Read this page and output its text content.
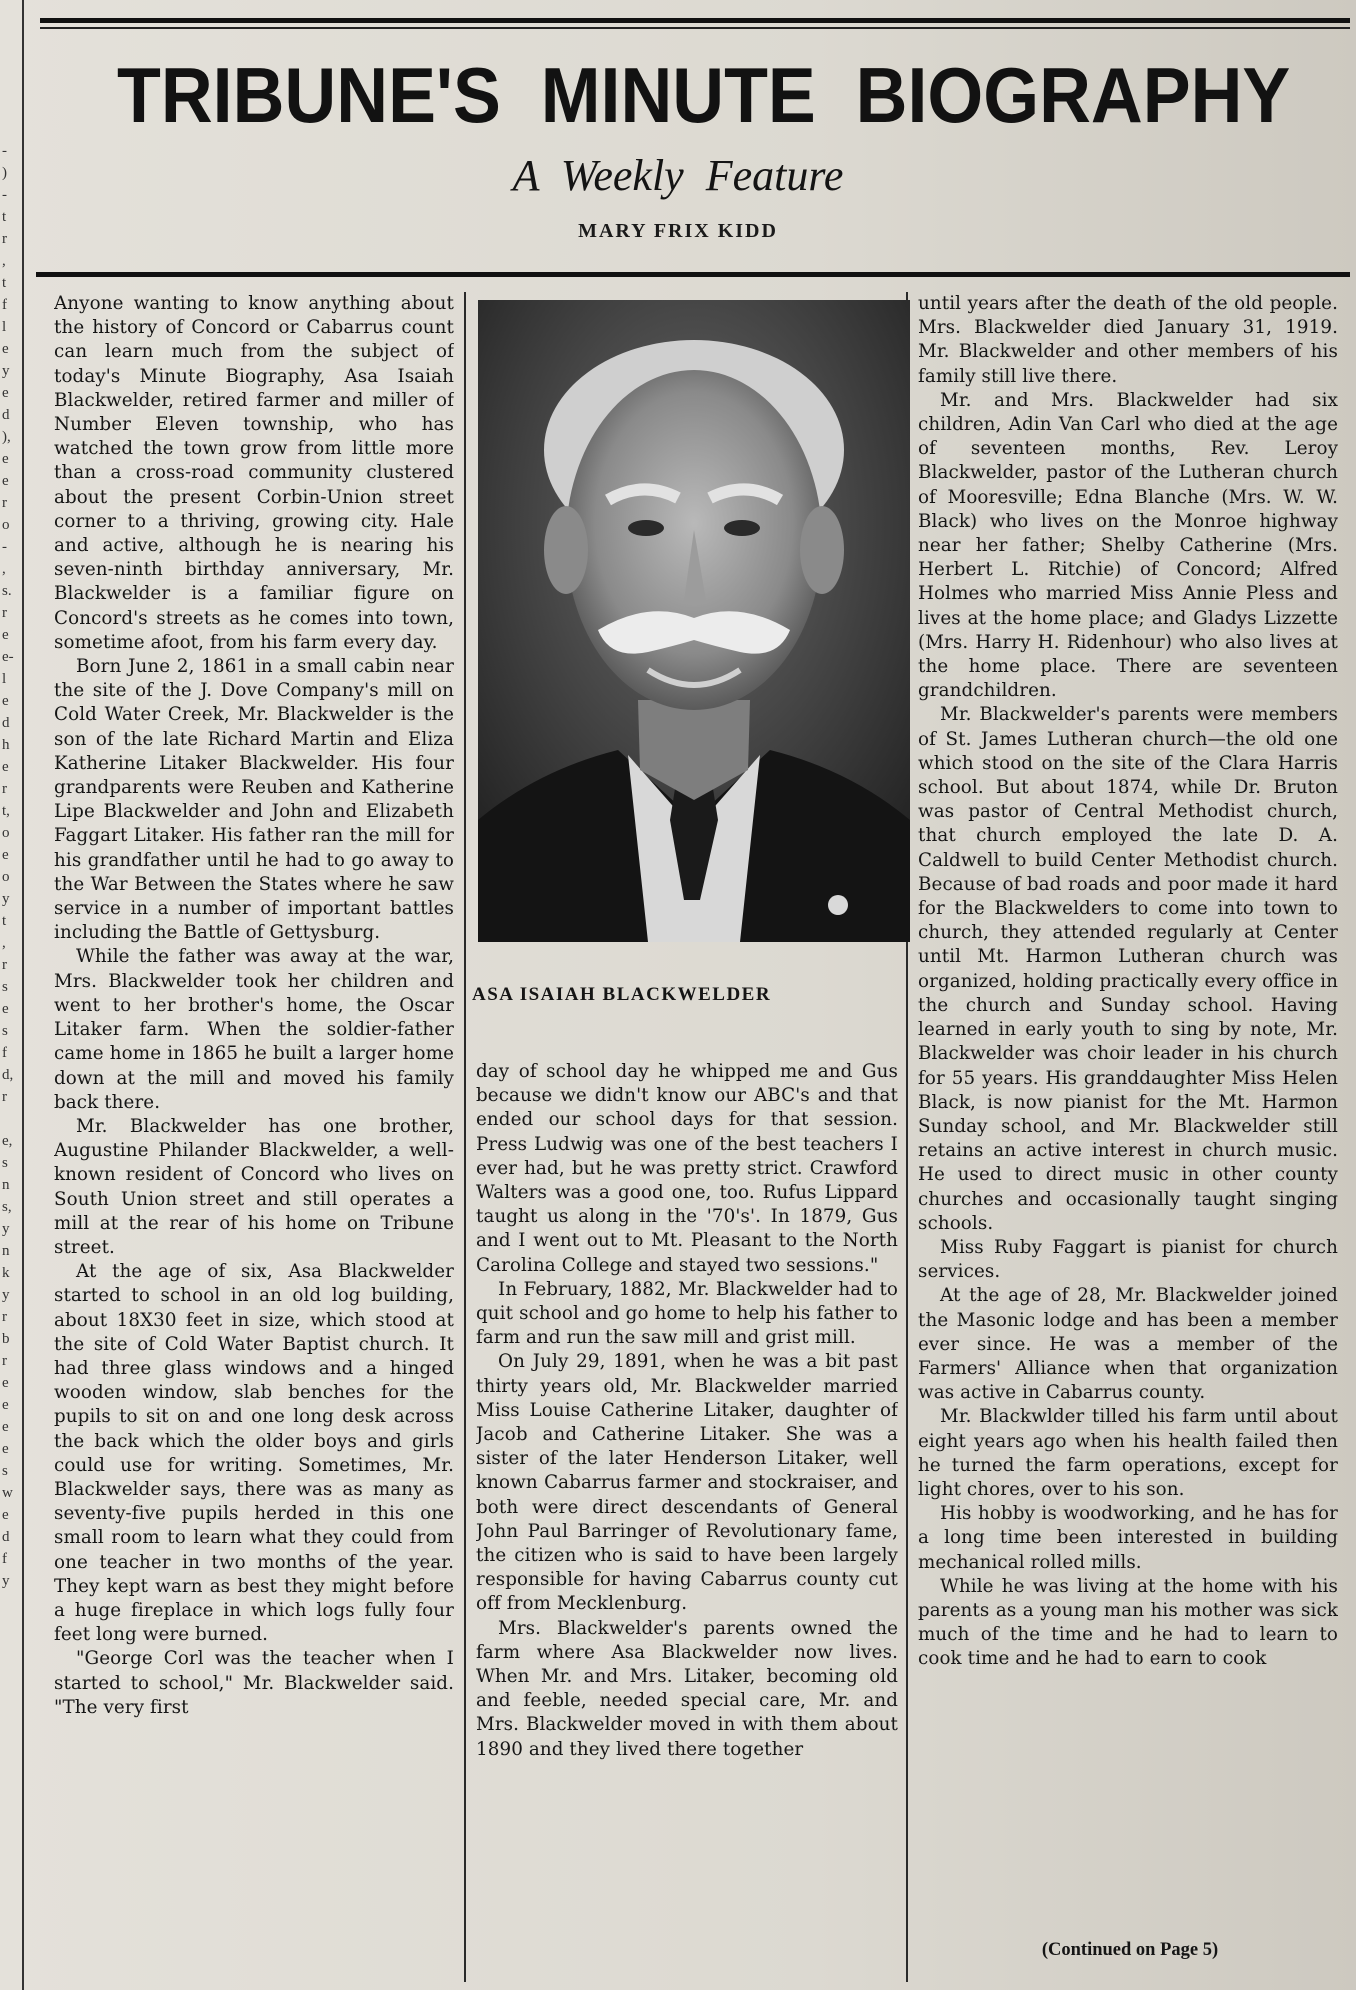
-
)
-
t
r
,
t
f
l
e
y
e
d
),
e
e
r
o
-
,
s.
r
e
e-
l
e
d
h
e
r
t,
o
e
o
y
t
,
r
s
e
s
f
d,
r

e,
s
n
s,
y
n
k
y
r
b
r
e
e
e
e
s
w
e
d
f
y
TRIBUNE'S  MINUTE  BIOGRAPHY
A  Weekly  Feature
MARY FRIX KIDD

Anyone wanting to know anything about the history of Concord or Cabarrus count can learn much from the subject of today's Minute Biography, Asa Isaiah Blackwelder, retired farmer and miller of Number Eleven township, who has watched the town grow from little more than a cross-road community clustered about the present Corbin-Union street corner to a thriving, growing city. Hale and active, although he is nearing his seven-ninth birthday anniversary, Mr. Blackwelder is a familiar figure on Concord's streets as he comes into town, sometime afoot, from his farm every day.

Born June 2, 1861 in a small cabin near the site of the J. Dove Company's mill on Cold Water Creek, Mr. Blackwelder is the son of the late Richard Martin and Eliza Katherine Litaker Blackwelder. His four grandparents were Reuben and Katherine Lipe Blackwelder and John and Elizabeth Faggart Litaker. His father ran the mill for his grandfather until he had to go away to the War Between the States where he saw service in a number of important battles including the Battle of Gettysburg.

While the father was away at the war, Mrs. Blackwelder took her children and went to her brother's home, the Oscar Litaker farm. When the soldier-father came home in 1865 he built a larger home down at the mill and moved his family back there.

Mr. Blackwelder has one brother, Augustine Philander Blackwelder, a well-known resident of Concord who lives on South Union street and still operates a mill at the rear of his home on Tribune street.

At the age of six, Asa Blackwelder started to school in an old log building, about 18X30 feet in size, which stood at the site of Cold Water Baptist church. It had three glass windows and a hinged wooden window, slab benches for the pupils to sit on and one long desk across the back which the older boys and girls could use for writing. Sometimes, Mr. Blackwelder says, there was as many as seventy-five pupils herded in this one small room to learn what they could from one teacher in two months of the year. They kept warn as best they might before a huge fireplace in which logs fully four feet long were burned.

"George Corl was the teacher when I started to school," Mr. Blackwelder said. "The very first

ASA ISAIAH BLACKWELDER

day of school day he whipped me and Gus because we didn't know our ABC's and that ended our school days for that session. Press Ludwig was one of the best teachers I ever had, but he was pretty strict. Crawford Walters was a good one, too. Rufus Lippard taught us along in the '70's'. In 1879, Gus and I went out to Mt. Pleasant to the North Carolina College and stayed two sessions."

In February, 1882, Mr. Blackwelder had to quit school and go home to help his father to farm and run the saw mill and grist mill.

On July 29, 1891, when he was a bit past thirty years old, Mr. Blackwelder married Miss Louise Catherine Litaker, daughter of Jacob and Catherine Litaker. She was a sister of the later Henderson Litaker, well known Cabarrus farmer and stockraiser, and both were direct descendants of General John Paul Barringer of Revolutionary fame, the citizen who is said to have been largely responsible for having Cabarrus county cut off from Mecklenburg.

Mrs. Blackwelder's parents owned the farm where Asa Blackwelder now lives. When Mr. and Mrs. Litaker, becoming old and feeble, needed special care, Mr. and Mrs. Blackwelder moved in with them about 1890 and they lived there together

until years after the death of the old people. Mrs. Blackwelder died January 31, 1919. Mr. Blackwelder and other members of his family still live there.

Mr. and Mrs. Blackwelder had six children, Adin Van Carl who died at the age of seventeen months, Rev. Leroy Blackwelder, pastor of the Lutheran church of Mooresville; Edna Blanche (Mrs. W. W. Black) who lives on the Monroe highway near her father; Shelby Catherine (Mrs. Herbert L. Ritchie) of Concord; Alfred Holmes who married Miss Annie Pless and lives at the home place; and Gladys Lizzette (Mrs. Harry H. Ridenhour) who also lives at the home place. There are seventeen grandchildren.

Mr. Blackwelder's parents were members of St. James Lutheran church—the old one which stood on the site of the Clara Harris school. But about 1874, while Dr. Bruton was pastor of Central Methodist church, that church employed the late D. A. Caldwell to build Center Methodist church. Because of bad roads and poor made it hard for the Blackwelders to come into town to church, they attended regularly at Center until Mt. Harmon Lutheran church was organized, holding practically every office in the church and Sunday school. Having learned in early youth to sing by note, Mr. Blackwelder was choir leader in his church for 55 years. His granddaughter Miss Helen Black, is now pianist for the Mt. Harmon Sunday school, and Mr. Blackwelder still retains an active interest in church music. He used to direct music in other county churches and occasionally taught singing schools.

Miss Ruby Faggart is pianist for church services.

At the age of 28, Mr. Blackwelder joined the Masonic lodge and has been a member ever since. He was a member of the Farmers' Alliance when that organization was active in Cabarrus county.

Mr. Blackwlder tilled his farm until about eight years ago when his health failed then he turned the farm operations, except for light chores, over to his son.

His hobby is woodworking, and he has for a long time been interested in building mechanical rolled mills.

While he was living at the home with his parents as a young man his mother was sick much of the time and he had to learn to cook time and he had to earn to cook

(Continued on Page 5)
